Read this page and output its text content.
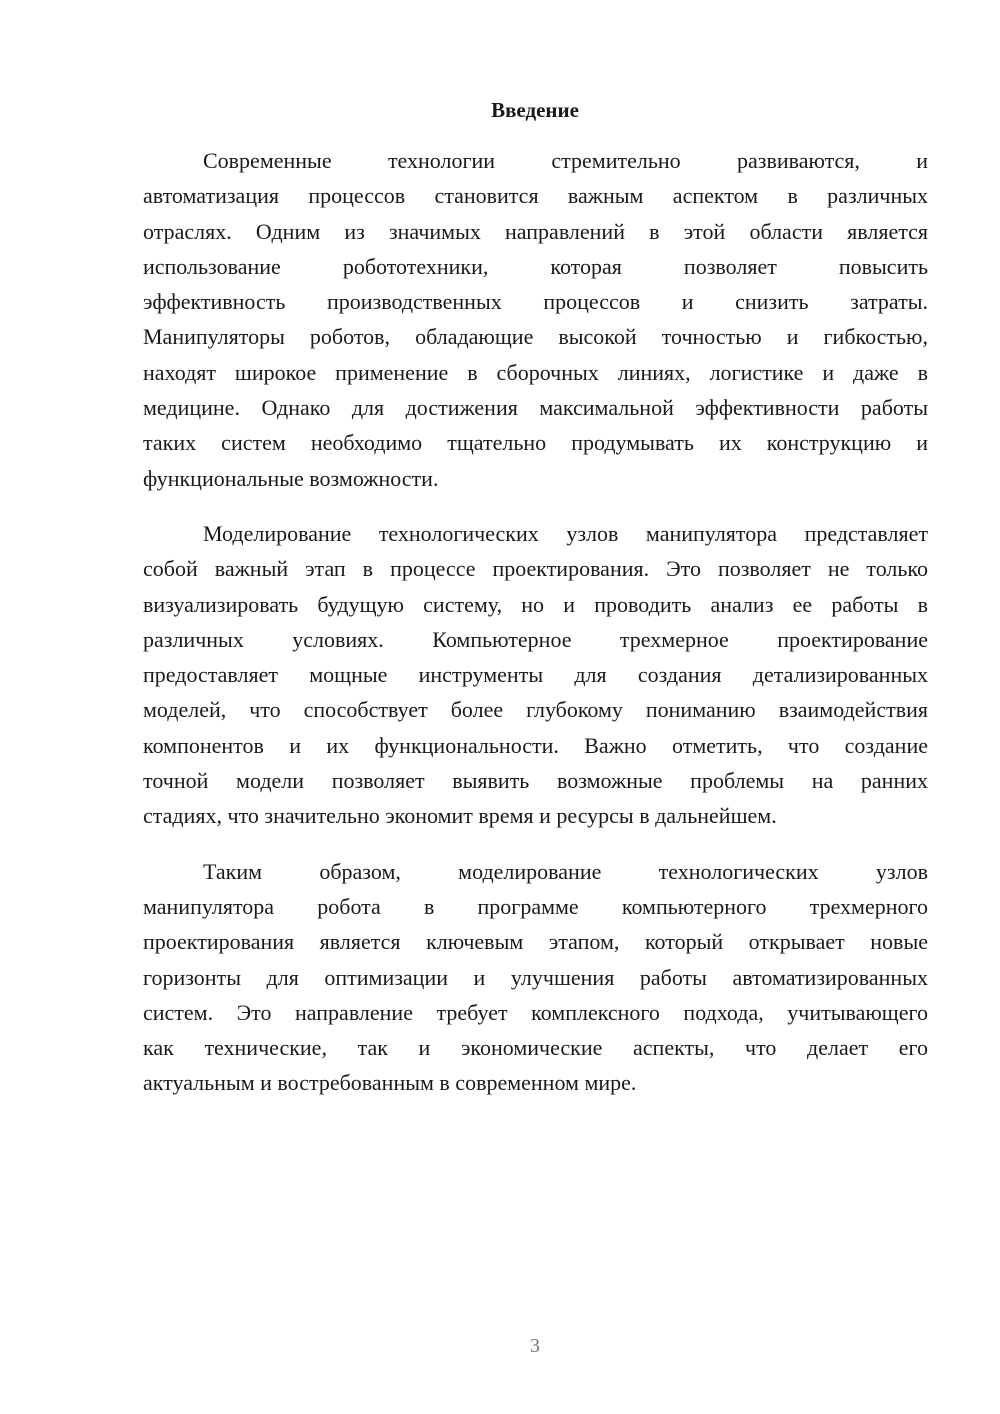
Введение
Современные технологии стремительно развиваются, и
автоматизация процессов становится важным аспектом в различных
отраслях. Одним из значимых направлений в этой области является
использование робототехники, которая позволяет повысить
эффективность производственных процессов и снизить затраты.
Манипуляторы роботов, обладающие высокой точностью и гибкостью,
находят широкое применение в сборочных линиях, логистике и даже в
медицине. Однако для достижения максимальной эффективности работы
таких систем необходимо тщательно продумывать их конструкцию и
функциональные возможности.
Моделирование технологических узлов манипулятора представляет
собой важный этап в процессе проектирования. Это позволяет не только
визуализировать будущую систему, но и проводить анализ ее работы в
различных условиях. Компьютерное трехмерное проектирование
предоставляет мощные инструменты для создания детализированных
моделей, что способствует более глубокому пониманию взаимодействия
компонентов и их функциональности. Важно отметить, что создание
точной модели позволяет выявить возможные проблемы на ранних
стадиях, что значительно экономит время и ресурсы в дальнейшем.
Таким образом, моделирование технологических узлов
манипулятора робота в программе компьютерного трехмерного
проектирования является ключевым этапом, который открывает новые
горизонты для оптимизации и улучшения работы автоматизированных
систем. Это направление требует комплексного подхода, учитывающего
как технические, так и экономические аспекты, что делает его
актуальным и востребованным в современном мире.
3
